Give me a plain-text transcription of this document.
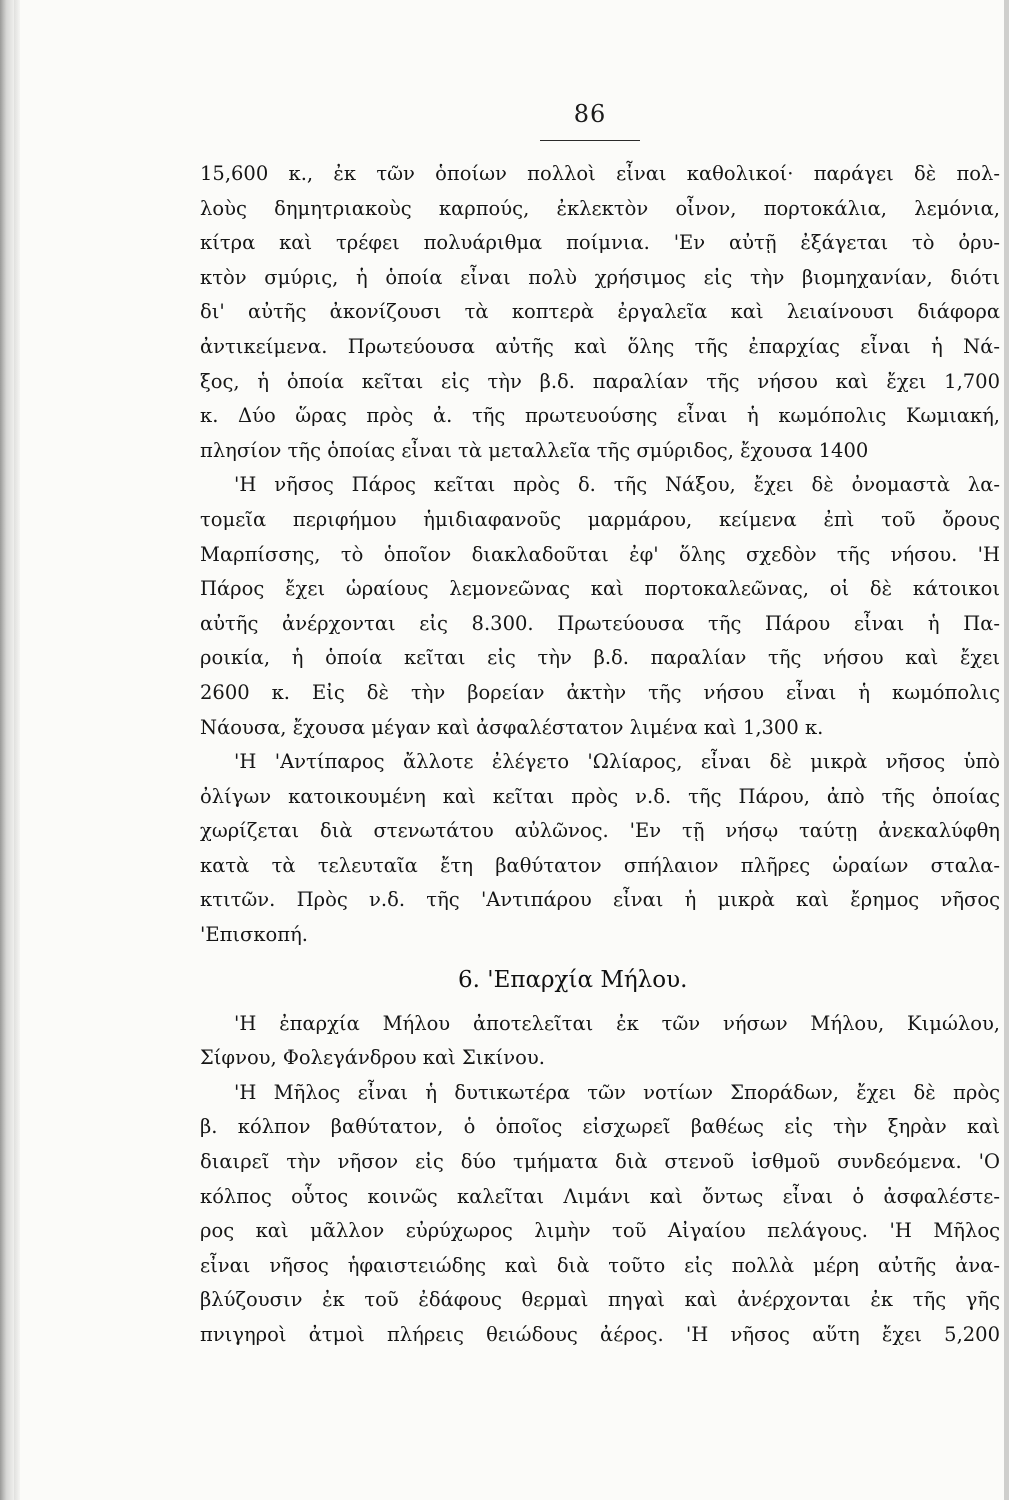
86
15,600 κ., ἐκ τῶν ὁποίων πολλοὶ εἶναι καθολικοί· παράγει δὲ πολ-
λοὺς δημητριακοὺς καρπούς, ἐκλεκτὸν οἶνον, πορτοκάλια, λεμόνια,
κίτρα καὶ τρέφει πολυάριθμα ποίμνια. 'Εν αὐτῇ ἐξάγεται τὸ ὀρυ-
κτὸν σμύρις, ἡ ὁποία εἶναι πολὺ χρήσιμος εἰς τὴν βιομηχανίαν, διότι
δι' αὐτῆς ἀκονίζουσι τὰ κοπτερὰ ἐργαλεῖα καὶ λειαίνουσι διάφορα
ἀντικείμενα. Πρωτεύουσα αὐτῆς καὶ ὅλης τῆς ἐπαρχίας εἶναι ἡ Νά-
ξος, ἡ ὁποία κεῖται εἰς τὴν β.δ. παραλίαν τῆς νήσου καὶ ἔχει 1,700
κ. Δύο ὥρας πρὸς ἀ. τῆς πρωτευούσης εἶναι ἡ κωμόπολις Κωμιακή,
πλησίον τῆς ὁποίας εἶναι τὰ μεταλλεῖα τῆς σμύριδος, ἔχουσα 1400
'Η νῆσος Πάρος κεῖται πρὸς δ. τῆς Νάξου, ἔχει δὲ ὀνομαστὰ λα-
τομεῖα περιφήμου ἡμιδιαφανοῦς μαρμάρου, κείμενα ἐπὶ τοῦ ὄρους
Μαρπίσσης, τὸ ὁποῖον διακλαδοῦται ἐφ' ὅλης σχεδὸν τῆς νήσου. 'Η
Πάρος ἔχει ὡραίους λεμονεῶνας καὶ πορτοκαλεῶνας, οἱ δὲ κάτοικοι
αὐτῆς ἀνέρχονται εἰς 8.300. Πρωτεύουσα τῆς Πάρου εἶναι ἡ Πα-
ροικία, ἡ ὁποία κεῖται εἰς τὴν β.δ. παραλίαν τῆς νήσου καὶ ἔχει
2600 κ. Εἰς δὲ τὴν βορείαν ἀκτὴν τῆς νήσου εἶναι ἡ κωμόπολις
Νάουσα, ἔχουσα μέγαν καὶ ἀσφαλέστατον λιμένα καὶ 1,300 κ.
'Η 'Αντίπαρος ἄλλοτε ἐλέγετο 'Ωλίαρος, εἶναι δὲ μικρὰ νῆσος ὑπὸ
ὀλίγων κατοικουμένη καὶ κεῖται πρὸς ν.δ. τῆς Πάρου, ἀπὸ τῆς ὁποίας
χωρίζεται διὰ στενωτάτου αὐλῶνος. 'Εν τῇ νήσῳ ταύτῃ ἀνεκαλύφθη
κατὰ τὰ τελευταῖα ἔτη βαθύτατον σπήλαιον πλῆρες ὡραίων σταλα-
κτιτῶν. Πρὸς ν.δ. τῆς 'Αντιπάρου εἶναι ἡ μικρὰ καὶ ἔρημος νῆσος
'Επισκοπή.
6. 'Επαρχία Μήλου.
'Η ἐπαρχία Μήλου ἀποτελεῖται ἐκ τῶν νήσων Μήλου, Κιμώλου,
Σίφνου, Φολεγάνδρου καὶ Σικίνου.
'Η Μῆλος εἶναι ἡ δυτικωτέρα τῶν νοτίων Σποράδων, ἔχει δὲ πρὸς
β. κόλπον βαθύτατον, ὁ ὁποῖος εἰσχωρεῖ βαθέως εἰς τὴν ξηρὰν καὶ
διαιρεῖ τὴν νῆσον εἰς δύο τμήματα διὰ στενοῦ ἰσθμοῦ συνδεόμενα. 'Ο
κόλπος οὗτος κοινῶς καλεῖται Λιμάνι καὶ ὄντως εἶναι ὁ ἀσφαλέστε-
ρος καὶ μᾶλλον εὐρύχωρος λιμὴν τοῦ Αἰγαίου πελάγους. 'Η Μῆλος
εἶναι νῆσος ἡφαιστειώδης καὶ διὰ τοῦτο εἰς πολλὰ μέρη αὐτῆς ἀνα-
βλύζουσιν ἐκ τοῦ ἐδάφους θερμαὶ πηγαὶ καὶ ἀνέρχονται ἐκ τῆς γῆς
πνιγηροὶ ἀτμοὶ πλήρεις θειώδους ἀέρος. 'Η νῆσος αὕτη ἔχει 5,200
